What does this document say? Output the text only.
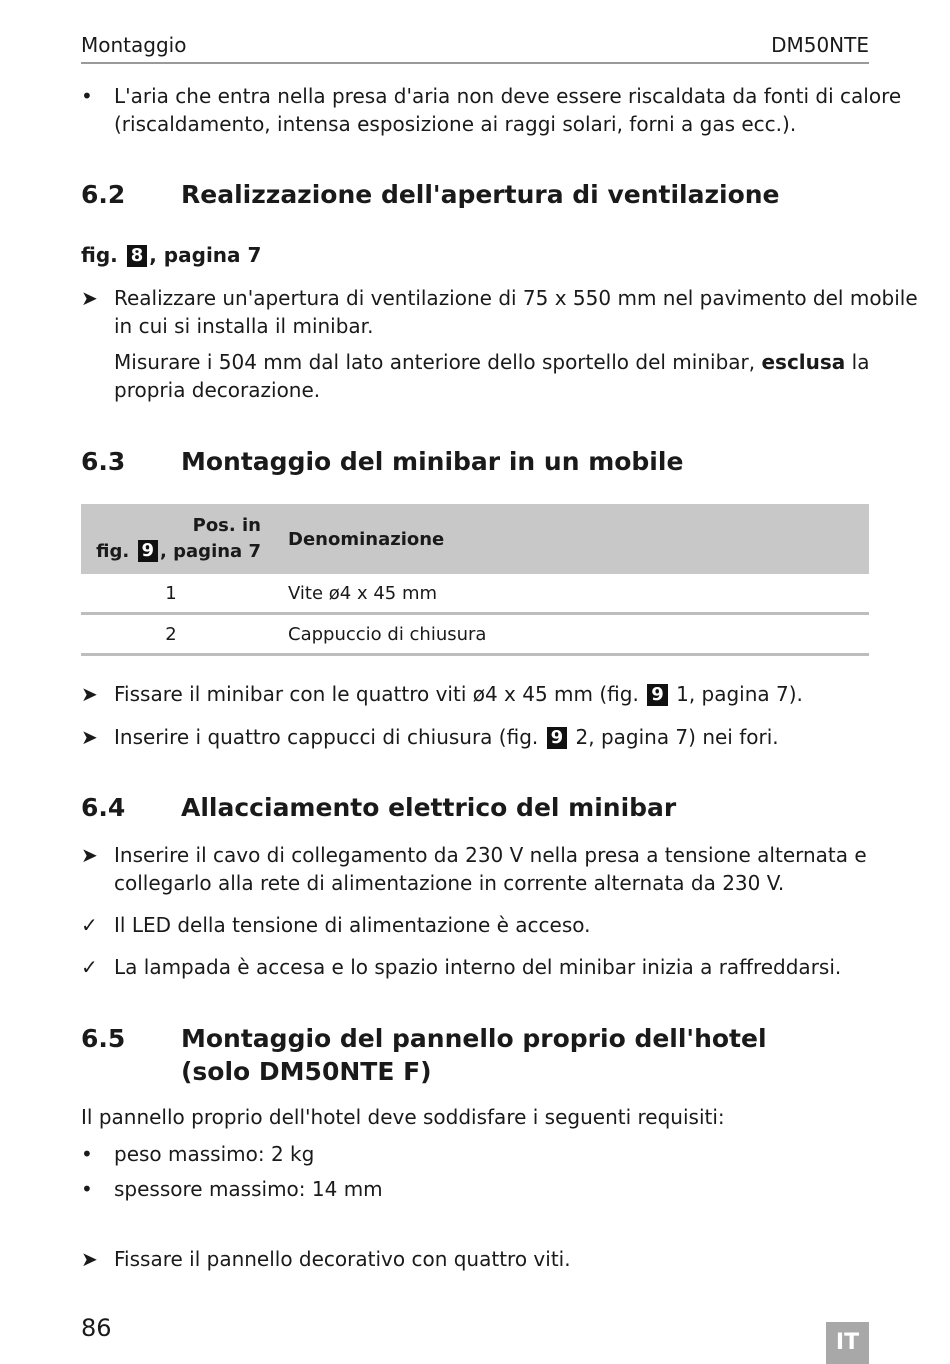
Montaggio	DM50NTE
•	L'aria che entra nella presa d'aria non deve essere riscaldata da fonti di calore
(riscaldamento, intensa esposizione ai raggi solari, forni a gas ecc.).
6.2 Realizzazione dell'apertura di ventilazione
fig. 8 , pagina 7
➤ Realizzare un'apertura di ventilazione di 75 x 550 mm nel pavimento del mobile
in cui si installa il minibar.
Misurare i 504 mm dal lato anteriore dello sportello del minibar, esclusa la
propria decorazione.
6.3 Montaggio del minibar in un mobile
Pos. in
fig. 9 , pagina 7	Denominazione
1	Vite ø4 x 45 mm
2	Cappuccio di chiusura
➤ Fissare il minibar con le quattro viti ø4 x 45 mm (fig. 9 1, pagina 7).
➤ Inserire i quattro cappucci di chiusura (fig. 9 2, pagina 7) nei fori.
6.4 Allacciamento elettrico del minibar
➤ Inserire il cavo di collegamento da 230 V nella presa a tensione alternata e
collegarlo alla rete di alimentazione in corrente alternata da 230 V.
✓ Il LED della tensione di alimentazione è acceso.
✓ La lampada è accesa e lo spazio interno del minibar inizia a raffreddarsi.
6.5 Montaggio del pannello proprio dell'hotel
(solo DM50NTE F)
Il pannello proprio dell'hotel deve soddisfare i seguenti requisiti:
•	peso massimo: 2 kg
•	spessore massimo: 14 mm
➤ Fissare il pannello decorativo con quattro viti.
86
IT
